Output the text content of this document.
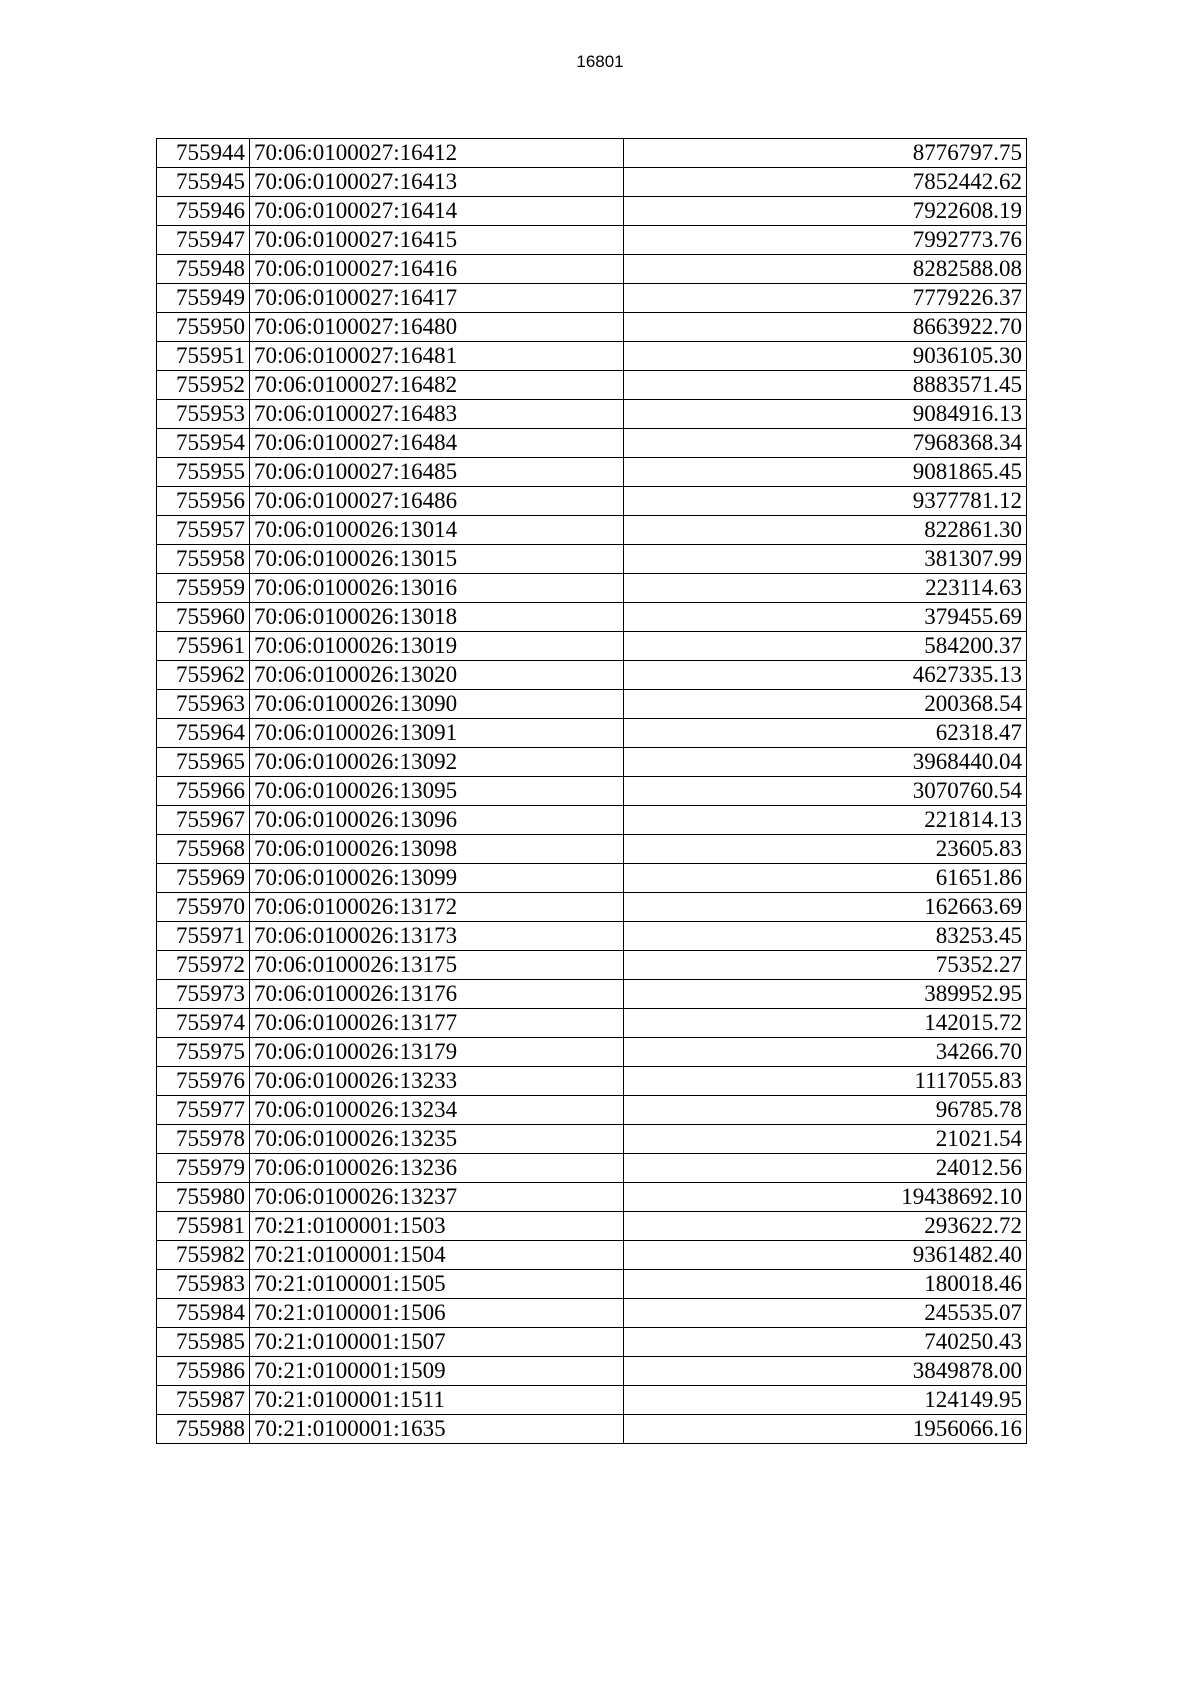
16801
755944	70:06:0100027:16412	8776797.75
755945	70:06:0100027:16413	7852442.62
755946	70:06:0100027:16414	7922608.19
755947	70:06:0100027:16415	7992773.76
755948	70:06:0100027:16416	8282588.08
755949	70:06:0100027:16417	7779226.37
755950	70:06:0100027:16480	8663922.70
755951	70:06:0100027:16481	9036105.30
755952	70:06:0100027:16482	8883571.45
755953	70:06:0100027:16483	9084916.13
755954	70:06:0100027:16484	7968368.34
755955	70:06:0100027:16485	9081865.45
755956	70:06:0100027:16486	9377781.12
755957	70:06:0100026:13014	822861.30
755958	70:06:0100026:13015	381307.99
755959	70:06:0100026:13016	223114.63
755960	70:06:0100026:13018	379455.69
755961	70:06:0100026:13019	584200.37
755962	70:06:0100026:13020	4627335.13
755963	70:06:0100026:13090	200368.54
755964	70:06:0100026:13091	62318.47
755965	70:06:0100026:13092	3968440.04
755966	70:06:0100026:13095	3070760.54
755967	70:06:0100026:13096	221814.13
755968	70:06:0100026:13098	23605.83
755969	70:06:0100026:13099	61651.86
755970	70:06:0100026:13172	162663.69
755971	70:06:0100026:13173	83253.45
755972	70:06:0100026:13175	75352.27
755973	70:06:0100026:13176	389952.95
755974	70:06:0100026:13177	142015.72
755975	70:06:0100026:13179	34266.70
755976	70:06:0100026:13233	1117055.83
755977	70:06:0100026:13234	96785.78
755978	70:06:0100026:13235	21021.54
755979	70:06:0100026:13236	24012.56
755980	70:06:0100026:13237	19438692.10
755981	70:21:0100001:1503	293622.72
755982	70:21:0100001:1504	9361482.40
755983	70:21:0100001:1505	180018.46
755984	70:21:0100001:1506	245535.07
755985	70:21:0100001:1507	740250.43
755986	70:21:0100001:1509	3849878.00
755987	70:21:0100001:1511	124149.95
755988	70:21:0100001:1635	1956066.16
